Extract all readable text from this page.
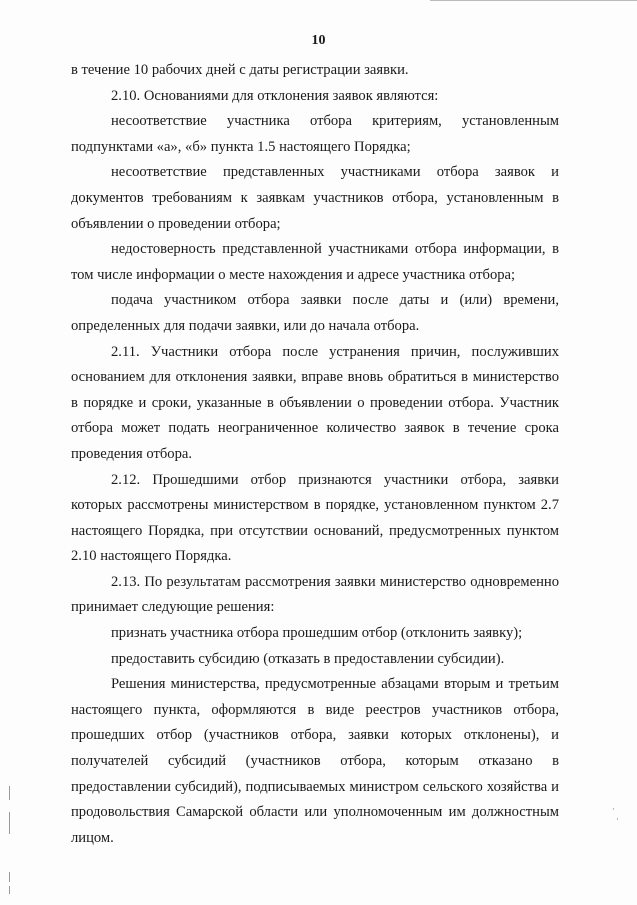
10

в течение 10 рабочих дней с даты регистрации заявки.

2.10. Основаниями для отклонения заявок являются:

несоответствие участника отбора критериям, установленным подпунктами «а», «б» пункта 1.5 настоящего Порядка;

несоответствие представленных участниками отбора заявок и документов требованиям к заявкам участников отбора, установленным в объявлении о проведении отбора;

недостоверность представленной участниками отбора информации, в том числе информации о месте нахождения и адресе участника отбора;

подача участником отбора заявки после даты и (или) времени, определенных для подачи заявки, или до начала отбора.

2.11. Участники отбора после устранения причин, послуживших основанием для отклонения заявки, вправе вновь обратиться в министерство в порядке и сроки, указанные в объявлении о проведении отбора. Участник отбора может подать неограниченное количество заявок в течение срока проведения отбора.

2.12. Прошедшими отбор признаются участники отбора, заявки которых рассмотрены министерством в порядке, установленном пунктом 2.7 настоящего Порядка, при отсутствии оснований, предусмотренных пунктом 2.10 настоящего Порядка.

2.13. По результатам рассмотрения заявки министерство одновременно принимает следующие решения:

признать участника отбора прошедшим отбор (отклонить заявку);

предоставить субсидию (отказать в предоставлении субсидии).

Решения министерства, предусмотренные абзацами вторым и третьим настоящего пункта, оформляются в виде реестров участников отбора, прошедших отбор (участников отбора, заявки которых отклонены), и получателей субсидий (участников отбора, которым отказано в предоставлении субсидий), подписываемых министром сельского хозяйства и продовольствия Самарской области или уполномоченным им должностным лицом.

·
·
